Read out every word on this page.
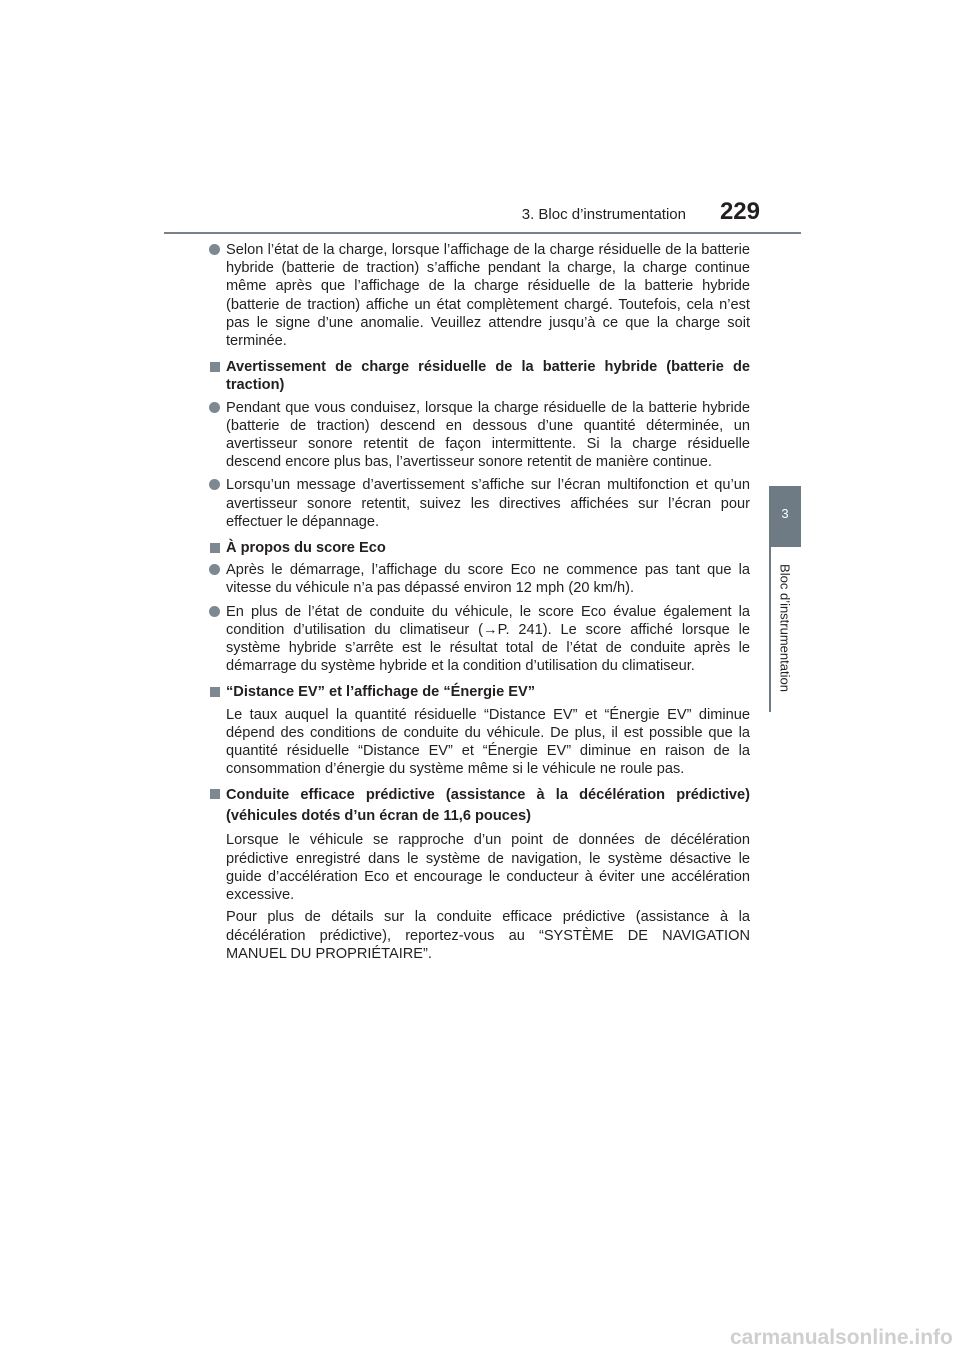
3. Bloc d’instrumentation	229
3
Bloc d’instrumentation
Selon l’état de la charge, lorsque l’affichage de la charge résiduelle de la batterie hybride (batterie de traction) s’affiche pendant la charge, la charge continue même après que l’affichage de la charge résiduelle de la batterie hybride (batterie de traction) affiche un état complètement chargé. Toutefois, cela n’est pas le signe d’une anomalie. Veuillez attendre jusqu’à ce que la charge soit terminée.
Avertissement de charge résiduelle de la batterie hybride (batterie de traction)
Pendant que vous conduisez, lorsque la charge résiduelle de la batterie hybride (batterie de traction) descend en dessous d’une quantité déterminée, un avertisseur sonore retentit de façon intermittente. Si la charge résiduelle descend encore plus bas, l’avertisseur sonore retentit de manière continue.
Lorsqu’un message d’avertissement s’affiche sur l’écran multifonction et qu’un avertisseur sonore retentit, suivez les directives affichées sur l’écran pour effectuer le dépannage.
À propos du score Eco
Après le démarrage, l’affichage du score Eco ne commence pas tant que la vitesse du véhicule n’a pas dépassé environ 12 mph (20 km/h).
En plus de l’état de conduite du véhicule, le score Eco évalue également la condition d’utilisation du climatiseur (→P. 241). Le score affiché lorsque le système hybride s’arrête est le résultat total de l’état de conduite après le démarrage du système hybride et la condition d’utilisation du climatiseur.
“Distance EV” et l’affichage de “Énergie EV”
Le taux auquel la quantité résiduelle “Distance EV” et “Énergie EV” diminue dépend des conditions de conduite du véhicule. De plus, il est possible que la quantité résiduelle “Distance EV” et “Énergie EV” diminue en raison de la consommation d’énergie du système même si le véhicule ne roule pas.
Conduite efficace prédictive (assistance à la décélération prédictive) (véhicules dotés d’un écran de 11,6 pouces)
Lorsque le véhicule se rapproche d’un point de données de décélération prédictive enregistré dans le système de navigation, le système désactive le guide d’accélération Eco et encourage le conducteur à éviter une accélération excessive.
Pour plus de détails sur la conduite efficace prédictive (assistance à la décélération prédictive), reportez-vous au “SYSTÈME DE NAVIGATION MANUEL DU PROPRIÉTAIRE”.
carmanualsonline.info
